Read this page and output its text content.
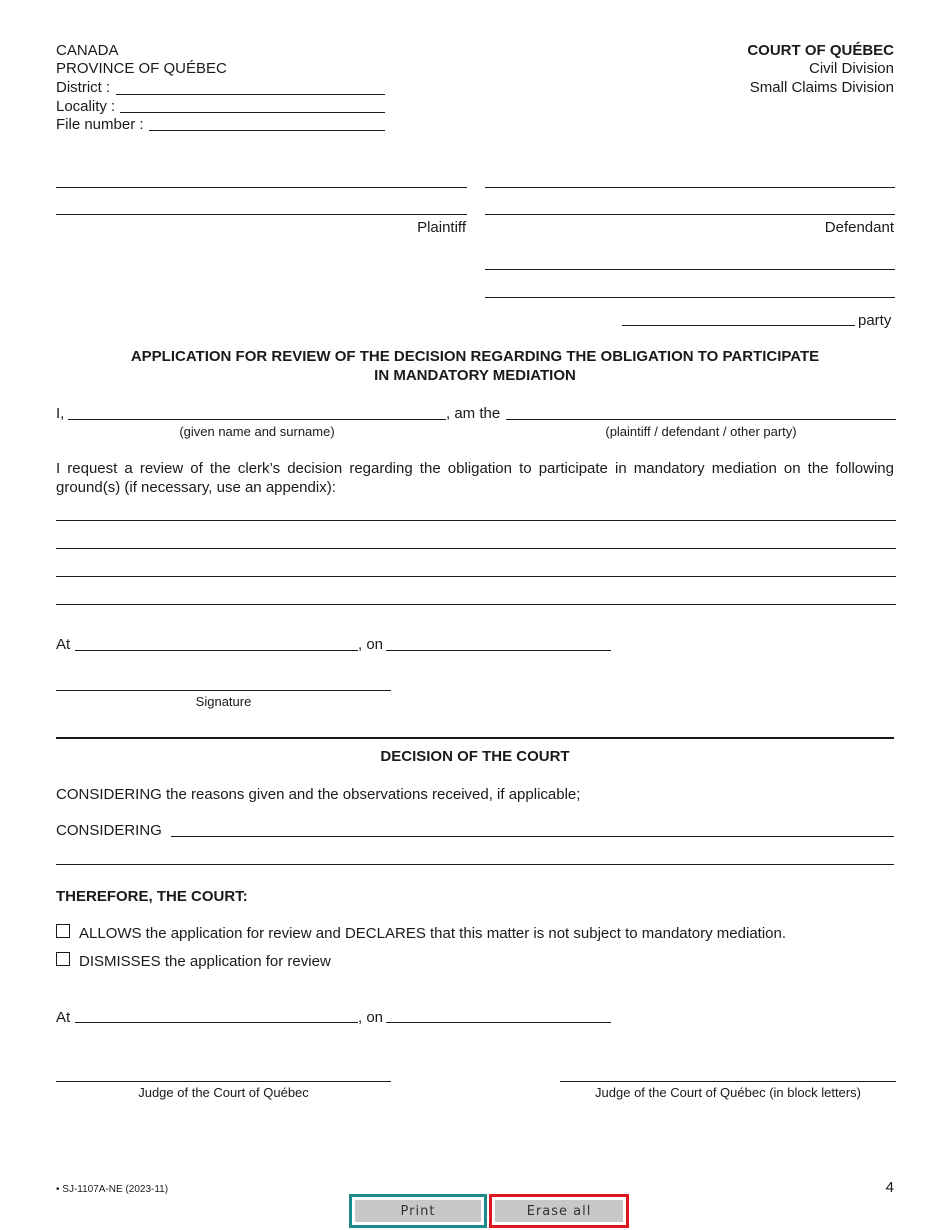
CANADA
PROVINCE OF QUÉBEC
District :
Locality :
File number :
COURT OF QUÉBEC
Civil Division
Small Claims Division
Plaintiff	Defendant
party
APPLICATION FOR REVIEW OF THE DECISION REGARDING THE OBLIGATION TO PARTICIPATE
IN MANDATORY MEDIATION
I,	, am the
(given name and surname)	(plaintiff / defendant / other party)
I request a review of the clerk’s decision regarding the obligation to participate in mandatory mediation on the following ground(s) (if necessary, use an appendix):
At	, on
Signature
DECISION OF THE COURT
CONSIDERING the reasons given and the observations received, if applicable;
CONSIDERING
THEREFORE, THE COURT:
ALLOWS the application for review and DECLARES that this matter is not subject to mandatory mediation.
DISMISSES the application for review
At	, on
Judge of the Court of Québec	Judge of the Court of Québec (in block letters)
• SJ-1107A-NE (2023-11)	4
Print	Erase all
